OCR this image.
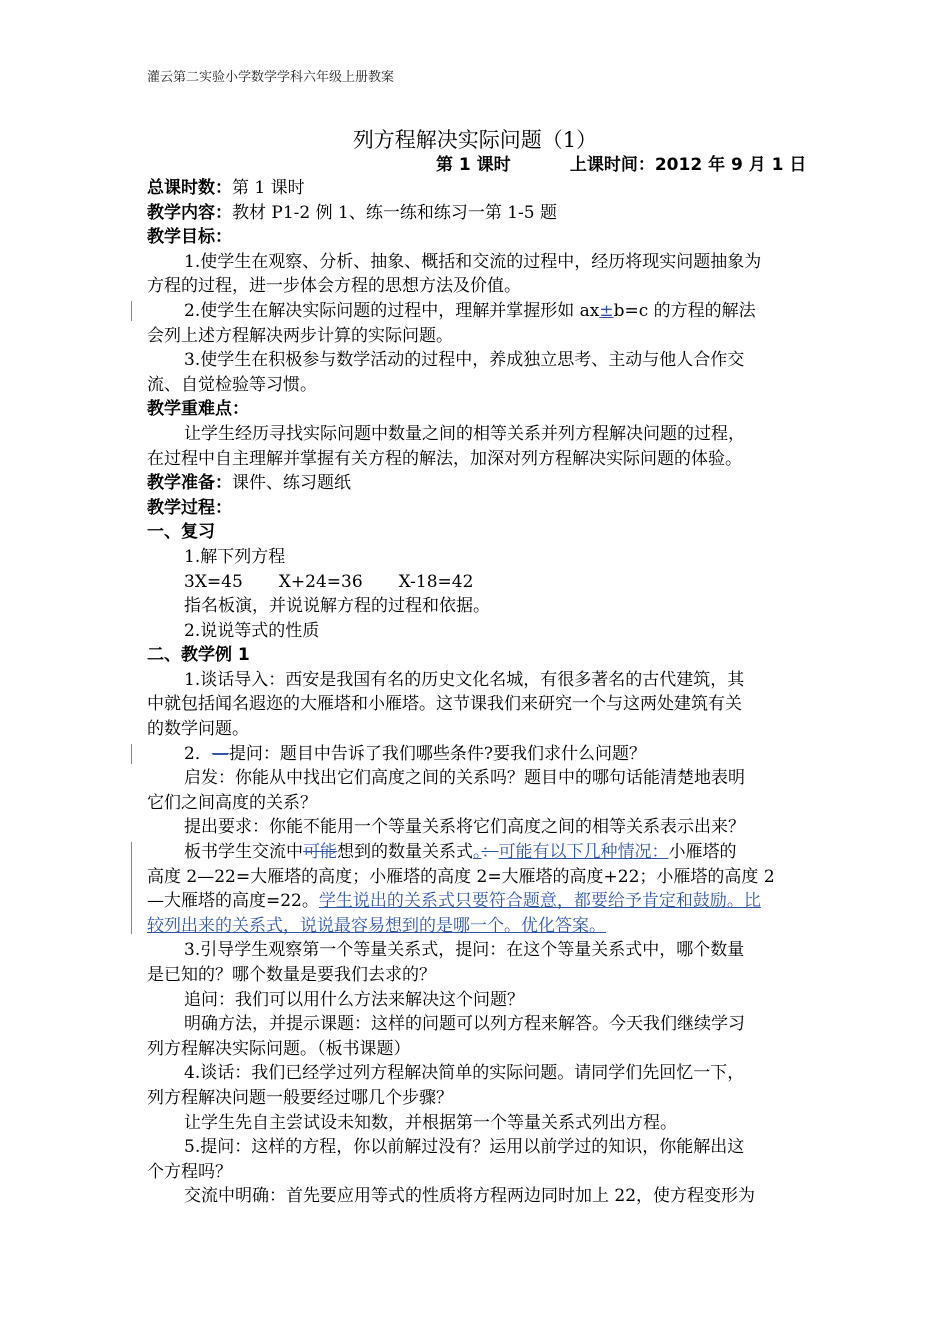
灌云第二实验小学数学学科六年级上册教案
列方程解决实际问题（1）
第 1 课时          上课时间：2012 年 9 月 1 日
总课时数：第 1 课时
教学内容：教材 P1-2 例 1、练一练和练习一第 1-5 题
教学目标：
1.使学生在观察、分析、抽象、概括和交流的过程中，经历将现实问题抽象为
方程的过程，进一步体会方程的思想方法及价值。
2.使学生在解决实际问题的过程中，理解并掌握形如 ax±b=c 的方程的解法
会列上述方程解决两步计算的实际问题。
3.使学生在积极参与数学活动的过程中，养成独立思考、主动与他人合作交
流、自觉检验等习惯。
教学重难点：
让学生经历寻找实际问题中数量之间的相等关系并列方程解决问题的过程，
在过程中自主理解并掌握有关方程的解法，加深对列方程解决实际问题的体验。
教学准备：课件、练习题纸
教学过程：
一、复习
1.解下列方程
3X=45 X+24=36 X-18=42
指名板演，并说说解方程的过程和依据。
2.说说等式的性质
二、教学例 1
1.谈话导入：西安是我国有名的历史文化名城，有很多著名的古代建筑，其
中就包括闻名遐迩的大雁塔和小雁塔。这节课我们来研究一个与这两处建筑有关
的数学问题。
2．—提问：题目中告诉了我们哪些条件?要我们求什么问题？
启发：你能从中找出它们高度之间的关系吗？题目中的哪句话能清楚地表明
它们之间高度的关系？
提出要求：你能不能用一个等量关系将它们高度之间的相等关系表示出来？
板书学生交流中可能想到的数量关系式。：可能有以下几种情况：小雁塔的
高度 2—22=大雁塔的高度；小雁塔的高度 2=大雁塔的高度+22；小雁塔的高度 2
—大雁塔的高度=22。学生说出的关系式只要符合题意，都要给予肯定和鼓励。比
较列出来的关系式，说说最容易想到的是哪一个。优化答案。
3.引导学生观察第一个等量关系式，提问：在这个等量关系式中，哪个数量
是已知的？哪个数量是要我们去求的？
追问：我们可以用什么方法来解决这个问题？
明确方法，并提示课题：这样的问题可以列方程来解答。今天我们继续学习
列方程解决实际问题。（板书课题）
4.谈话：我们已经学过列方程解决简单的实际问题。请同学们先回忆一下，
列方程解决问题一般要经过哪几个步骤？
让学生先自主尝试设未知数，并根据第一个等量关系式列出方程。
5.提问：这样的方程，你以前解过没有？运用以前学过的知识，你能解出这
个方程吗？
交流中明确：首先要应用等式的性质将方程两边同时加上 22，使方程变形为
